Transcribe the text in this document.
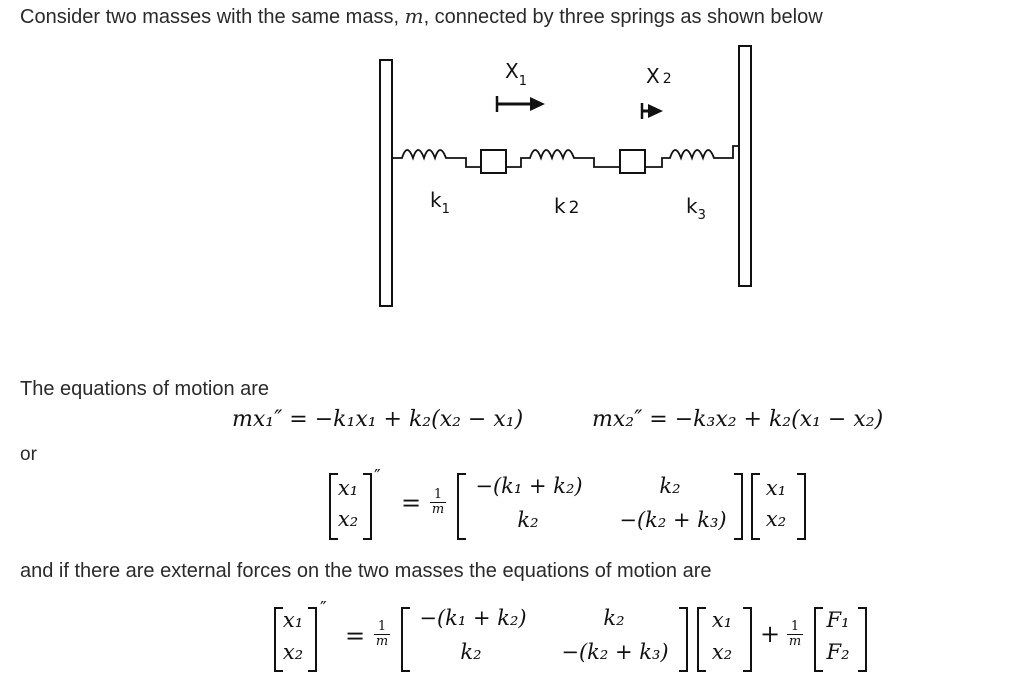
Consider two masses with the same mass, m, connected by three springs as shown below
$X_1$	X 2
$k_1$	k 2	$k_3$
The equations of motion are
mx₁″ = −k₁x₁ + k₂(x₂ − x₁)	mx₂″ = −k₃x₂ + k₂(x₁ − x₂)
or
x₁
x₂
″
= $\frac{1}{m}$
−(k₁ + k₂)	k₂
k₂	−(k₂ + k₃)
x₁
x₂
and if there are external forces on the two masses the equations of motion are
x₁
x₂
″
= $\frac{1}{m}$
−(k₁ + k₂)	k₂
k₂	−(k₂ + k₃)
x₁
x₂
+ $\frac{1}{m}$	F₁
F₂
